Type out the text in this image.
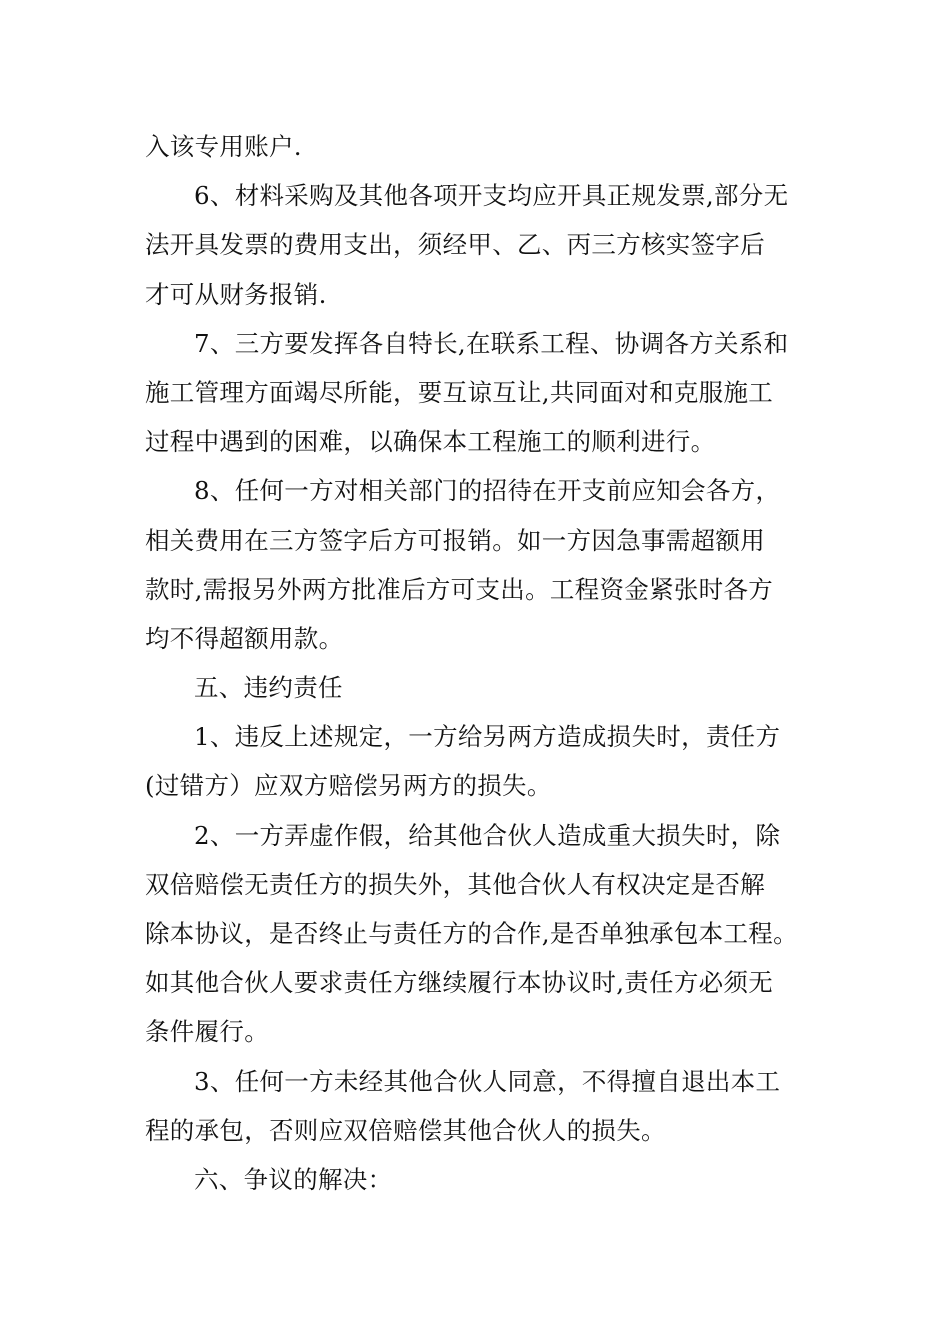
入该专用账户.
6、材料采购及其他各项开支均应开具正规发票,部分无
法开具发票的费用支出，须经甲、乙、丙三方核实签字后
才可从财务报销.
7、三方要发挥各自特长,在联系工程、协调各方关系和
施工管理方面竭尽所能，要互谅互让,共同面对和克服施工
过程中遇到的困难，以确保本工程施工的顺利进行。
8、任何一方对相关部门的招待在开支前应知会各方，
相关费用在三方签字后方可报销。如一方因急事需超额用
款时,需报另外两方批准后方可支出。工程资金紧张时各方
均不得超额用款。
五、违约责任
1、违反上述规定，一方给另两方造成损失时，责任方
(过错方）应双方赔偿另两方的损失。
2、一方弄虚作假，给其他合伙人造成重大损失时，除
双倍赔偿无责任方的损失外，其他合伙人有权决定是否解
除本协议，是否终止与责任方的合作,是否单独承包本工程。
如其他合伙人要求责任方继续履行本协议时,责任方必须无
条件履行。
3、任何一方未经其他合伙人同意，不得擅自退出本工
程的承包，否则应双倍赔偿其他合伙人的损失。
六、争议的解决：
